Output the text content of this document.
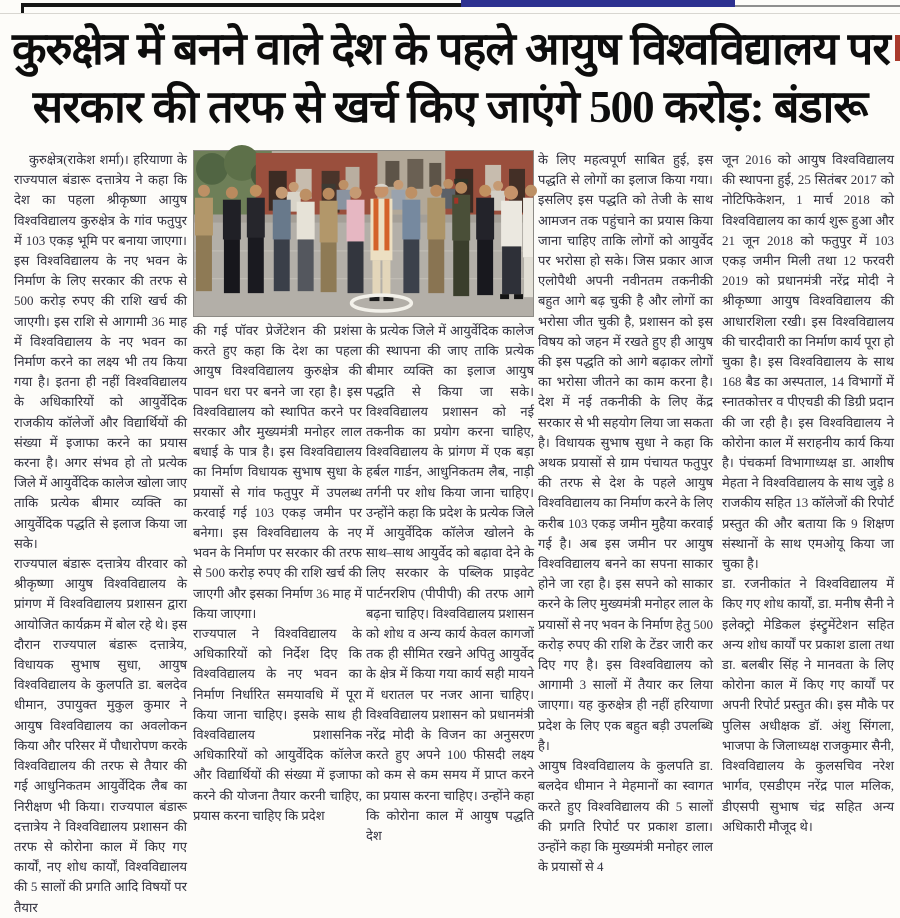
कुरुक्षेत्र में बनने वाले देश के पहले आयुष विश्वविद्यालय पर
सरकार की तरफ से खर्च किए जाएंगे 500 करोड़: बंडारू

कुरुक्षेत्र(राकेश शर्मा)। हरियाणा के राज्यपाल बंडारू दत्तात्रेय ने कहा कि देश का पहला श्रीकृष्णा आयुष विश्वविद्यालय कुरुक्षेत्र के गांव फतुपुर में 103 एकड़ भूमि पर बनाया जाएगा। इस विश्वविद्यालय के नए भवन के निर्माण के लिए सरकार की तरफ से 500 करोड़ रुपए की राशि खर्च की जाएगी। इस राशि से आगामी 36 माह में विश्वविद्यालय के नए भवन का निर्माण करने का लक्ष्य भी तय किया गया है। इतना ही नहीं विश्वविद्यालय के अधिकारियों को आयुर्वेदिक राजकीय कॉलेजों और विद्यार्थियों की संख्या में इजाफा करने का प्रयास करना है। अगर संभव हो तो प्रत्येक जिले में आयुर्वेदिक कालेज खोला जाए ताकि प्रत्येक बीमार व्यक्ति का आयुर्वेदिक पद्धति से इलाज किया जा सके।

राज्यपाल बंडारू दत्तात्रेय वीरवार को श्रीकृष्णा आयुष विश्वविद्यालय के प्रांगण में विश्वविद्यालय प्रशासन द्वारा आयोजित कार्यक्रम में बोल रहे थे। इस दौरान राज्यपाल बंडारू दत्तात्रेय, विधायक सुभाष सुधा, आयुष विश्वविद्यालय के कुलपति डा. बलदेव धीमान, उपायुक्त मुकुल कुमार ने आयुष विश्वविद्यालय का अवलोकन किया और परिसर में पौधारोपण करके विश्वविद्यालय की तरफ से तैयार की गई आधुनिकतम आयुर्वेदिक लैब का निरीक्षण भी किया। राज्यपाल बंडारू दत्तात्रेय ने विश्वविद्यालय प्रशासन की तरफ से कोरोना काल में किए गए कार्यों, नए शोध कार्यों, विश्वविद्यालय की 5 सालों की प्रगति आदि विषयों पर तैयार

की गई पॉवर प्रेजेंटेशन की प्रशंसा करते हुए कहा कि देश का पहला आयुष विश्वविद्यालय कुरुक्षेत्र की पावन धरा पर बनने जा रहा है। इस विश्वविद्यालय को स्थापित करने पर सरकार और मुख्यमंत्री मनोहर लाल बधाई के पात्र है। इस विश्वविद्यालय का निर्माण विधायक सुभाष सुधा के प्रयासों से गांव फतुपुर में उपलब्ध करवाई गई 103 एकड़ जमीन पर बनेगा। इस विश्वविद्यालय के नए भवन के निर्माण पर सरकार की तरफ से 500 करोड़ रुपए की राशि खर्च की जाएगी और इसका निर्माण 36 माह में किया जाएगा।

राज्यपाल ने विश्वविद्यालय के अधिकारियों को निर्देश दिए कि विश्वविद्यालय के नए भवन का निर्माण निर्धारित समयावधि में पूरा किया जाना चाहिए। इसके साथ ही विश्वविद्यालय प्रशासनिक अधिकारियों को आयुर्वेदिक कॉलेज और विद्यार्थियों की संख्या में इजाफा करने की योजना तैयार करनी चाहिए, प्रयास करना चाहिए कि प्रदेश

के प्रत्येक जिले में आयुर्वेदिक कालेज की स्थापना की जाए ताकि प्रत्येक बीमार व्यक्ति का इलाज आयुष पद्धति से किया जा सके। विश्वविद्यालय प्रशासन को नई तकनीक का प्रयोग करना चाहिए, विश्वविद्यालय के प्रांगण में एक बड़ा हर्बल गार्डन, आधुनिकतम लैब, नाड़ी तर्गनी पर शोध किया जाना चाहिए। उन्होंने कहा कि प्रदेश के प्रत्येक जिले में आयुर्वेदिक कॉलेज खोलने के साथ–साथ आयुर्वेद को बढ़ावा देने के लिए सरकार के पब्लिक प्राइवेट पार्टनरशिप (पीपीपी) की तरफ आगे बढ़ना चाहिए। विश्वविद्यालय प्रशासन को शोध व अन्य कार्य केवल कागजों तक ही सीमित रखने अपितु आयुर्वेद के क्षेत्र में किया गया कार्य सही मायने में धरातल पर नजर आना चाहिए। विश्वविद्यालय प्रशासन को प्रधानमंत्री नरेंद्र मोदी के विजन का अनुसरण करते हुए अपने 100 फीसदी लक्ष्य को कम से कम समय में प्राप्त करने का प्रयास करना चाहिए। उन्होंने कहा कि कोरोना काल में आयुष पद्धति देश

के लिए महत्वपूर्ण साबित हुई, इस पद्धति से लोगों का इलाज किया गया। इसलिए इस पद्धति को तेजी के साथ आमजन तक पहुंचाने का प्रयास किया जाना चाहिए ताकि लोगों को आयुर्वेद पर भरोसा हो सके। जिस प्रकार आज एलोपैथी अपनी नवीनतम तकनीकी बहुत आगे बढ़ चुकी है और लोगों का भरोसा जीत चुकी है, प्रशासन को इस विषय को जहन में रखते हुए ही आयुष की इस पद्धति को आगे बढ़ाकर लोगों का भरोसा जीतने का काम करना है। देश में नई तकनीकी के लिए केंद्र सरकार से भी सहयोग लिया जा सकता है। विधायक सुभाष सुधा ने कहा कि अथक प्रयासों से ग्राम पंचायत फतुपुर की तरफ से देश के पहले आयुष विश्वविद्यालय का निर्माण करने के लिए करीब 103 एकड़ जमीन मुहैया करवाई गई है। अब इस जमीन पर आयुष विश्वविद्यालय बनने का सपना साकार होने जा रहा है। इस सपने को साकार करने के लिए मुख्यमंत्री मनोहर लाल के प्रयासों से नए भवन के निर्माण हेतु 500 करोड़ रुपए की राशि के टेंडर जारी कर दिए गए है। इस विश्वविद्यालय को आगामी 3 सालों में तैयार कर लिया जाएगा। यह कुरुक्षेत्र ही नहीं हरियाणा प्रदेश के लिए एक बहुत बड़ी उपलब्धि है।

आयुष विश्वविद्यालय के कुलपति डा. बलदेव धीमान ने मेहमानों का स्वागत करते हुए विश्वविद्यालय की 5 सालों की प्रगति रिपोर्ट पर प्रकाश डाला। उन्होंने कहा कि मुख्यमंत्री मनोहर लाल के प्रयासों से 4

जून 2016 को आयुष विश्वविद्यालय की स्थापना हुई, 25 सितंबर 2017 को नोटिफिकेशन, 1 मार्च 2018 को विश्वविद्यालय का कार्य शुरू हुआ और 21 जून 2018 को फतुपुर में 103 एकड़ जमीन मिली तथा 12 फरवरी 2019 को प्रधानमंत्री नरेंद्र मोदी ने श्रीकृष्णा आयुष विश्वविद्यालय की आधारशिला रखी। इस विश्वविद्यालय की चारदीवारी का निर्माण कार्य पूरा हो चुका है। इस विश्वविद्यालय के साथ 168 बैड का अस्पताल, 14 विभागों में स्नातकोत्तर व पीएचडी की डिग्री प्रदान की जा रही है। इस विश्वविद्यालय ने कोरोना काल में सराहनीय कार्य किया है। पंचकर्मा विभागाध्यक्ष डा. आशीष मेहता ने विश्वविद्यालय के साथ जुड़े 8 राजकीय सहित 13 कॉलेजों की रिपोर्ट प्रस्तुत की और बताया कि 9 शिक्षण संस्थानों के साथ एमओयू किया जा चुका है।

डा. रजनीकांत ने विश्वविद्यालय में किए गए शोध कार्यों, डा. मनीष सैनी ने इलेक्ट्रो मेडिकल इंस्ट्रुमेंटेशन सहित अन्य शोध कार्यों पर प्रकाश डाला तथा डा. बलबीर सिंह ने मानवता के लिए कोरोना काल में किए गए कार्यों पर अपनी रिपोर्ट प्रस्तुत की। इस मौके पर पुलिस अधीक्षक डॉ. अंशु सिंगला, भाजपा के जिलाध्यक्ष राजकुमार सैनी, विश्वविद्यालय के कुलसचिव नरेश भार्गव, एसडीएम नरेंद्र पाल मलिक, डीएसपी सुभाष चंद्र सहित अन्य अधिकारी मौजूद थे।
